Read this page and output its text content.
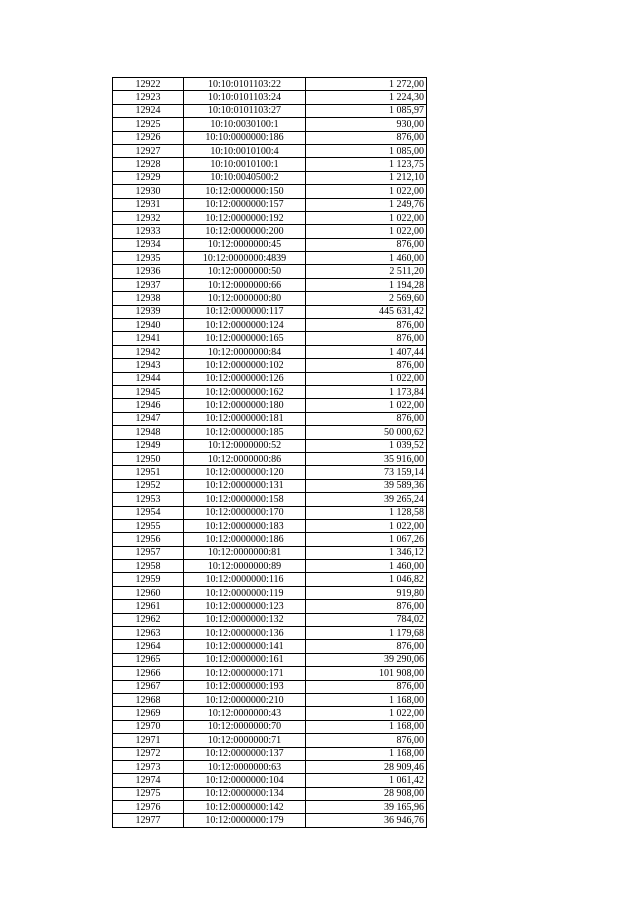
12922	10:10:0101103:22	1 272,00
12923	10:10:0101103:24	1 224,30
12924	10:10:0101103:27	1 085,97
12925	10:10:0030100:1	930,00
12926	10:10:0000000:186	876,00
12927	10:10:0010100:4	1 085,00
12928	10:10:0010100:1	1 123,75
12929	10:10:0040500:2	1 212,10
12930	10:12:0000000:150	1 022,00
12931	10:12:0000000:157	1 249,76
12932	10:12:0000000:192	1 022,00
12933	10:12:0000000:200	1 022,00
12934	10:12:0000000:45	876,00
12935	10:12:0000000:4839	1 460,00
12936	10:12:0000000:50	2 511,20
12937	10:12:0000000:66	1 194,28
12938	10:12:0000000:80	2 569,60
12939	10:12:0000000:117	445 631,42
12940	10:12:0000000:124	876,00
12941	10:12:0000000:165	876,00
12942	10:12:0000000:84	1 407,44
12943	10:12:0000000:102	876,00
12944	10:12:0000000:126	1 022,00
12945	10:12:0000000:162	1 173,84
12946	10:12:0000000:180	1 022,00
12947	10:12:0000000:181	876,00
12948	10:12:0000000:185	50 000,62
12949	10:12:0000000:52	1 039,52
12950	10:12:0000000:86	35 916,00
12951	10:12:0000000:120	73 159,14
12952	10:12:0000000:131	39 589,36
12953	10:12:0000000:158	39 265,24
12954	10:12:0000000:170	1 128,58
12955	10:12:0000000:183	1 022,00
12956	10:12:0000000:186	1 067,26
12957	10:12:0000000:81	1 346,12
12958	10:12:0000000:89	1 460,00
12959	10:12:0000000:116	1 046,82
12960	10:12:0000000:119	919,80
12961	10:12:0000000:123	876,00
12962	10:12:0000000:132	784,02
12963	10:12:0000000:136	1 179,68
12964	10:12:0000000:141	876,00
12965	10:12:0000000:161	39 290,06
12966	10:12:0000000:171	101 908,00
12967	10:12:0000000:193	876,00
12968	10:12:0000000:210	1 168,00
12969	10:12:0000000:43	1 022,00
12970	10:12:0000000:70	1 168,00
12971	10:12:0000000:71	876,00
12972	10:12:0000000:137	1 168,00
12973	10:12:0000000:63	28 909,46
12974	10:12:0000000:104	1 061,42
12975	10:12:0000000:134	28 908,00
12976	10:12:0000000:142	39 165,96
12977	10:12:0000000:179	36 946,76
